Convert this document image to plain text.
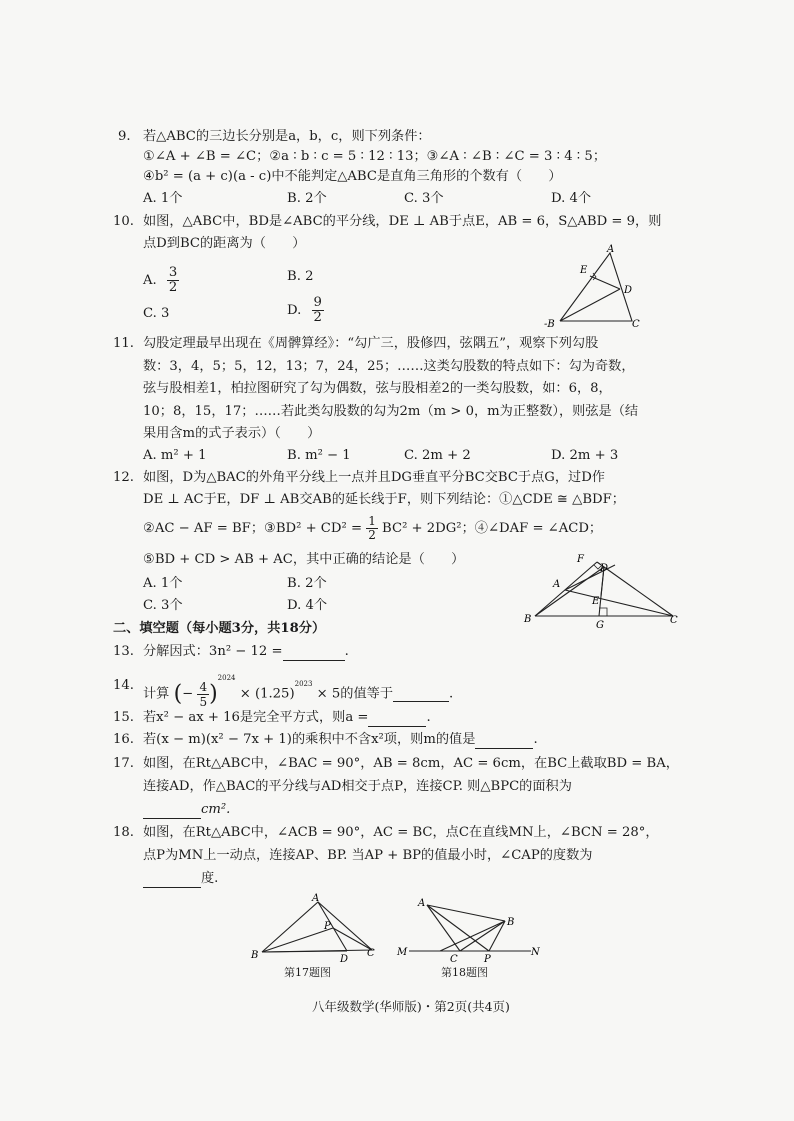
9. 若△ABC的三边长分别是a，b，c，则下列条件：
①∠A + ∠B = ∠C；②a ∶ b ∶ c = 5 ∶ 12 ∶ 13；③∠A ∶ ∠B ∶ ∠C = 3 ∶ 4 ∶ 5；
④b² = (a + c)(a - c)中不能判定△ABC是直角三角形的个数有（　　）
A. 1个	B. 2个	C. 3个	D. 4个
10. 如图，△ABC中，BD是∠ABC的平分线，DE ⊥ AB于点E，AB = 6，S△ABD = 9，则
点D到BC的距离为（　　）
A. $\frac{3}{2}$	B. 2
C. 3	D. $\frac{9}{2}$
A
E
D
-B	C
11. 勾股定理最早出现在《周髀算经》：“勾广三，股修四，弦隅五”，观察下列勾股
数：3，4，5；5，12，13；7，24，25；……这类勾股数的特点如下：勾为奇数，
弦与股相差1，柏拉图研究了勾为偶数，弦与股相差2的一类勾股数，如：6，8，
10；8，15，17；……若此类勾股数的勾为2m（m > 0，m为正整数），则弦是（结
果用含m的式子表示）（　　）
A. m² + 1	B. m² − 1	C. 2m + 2	D. 2m + 3
12. 如图，D为△BAC的外角平分线上一点并且DG垂直平分BC交BC于点G，过D作
DE ⊥ AC于E，DF ⊥ AB交AB的延长线于F，则下列结论：①△CDE ≅ △BDF；
②AC − AF = BF；③BD² + $CD^2 = \frac{1}{2} BC^2 + 2DG^2$；④∠DAF = ∠ACD；
⑤BD + CD > AB + AC，其中正确的结论是（　　）
A. 1个	B. 2个
C. 3个	D. 4个
F
D
A
E
B
G	C
二、填空题（每小题3分，共18分）
13. 分解因式：3n² − 12 =	.
14.
计算 (− $\frac{4}{5} )^{2024} \times (1.25)^{2023} \times 5$的值等于	.
15. 若x² − ax + 16是完全平方式，则a =	.
16. 若(x − m)(x² − 7x + 1)的乘积中不含x²项，则m的值是	.
17. 如图，在Rt△ABC中，∠BAC = 90°，AB = 8cm，AC = 6cm，在BC上截取BD = BA，
连接AD，作△BAC的平分线与AD相交于点P，连接CP. 则△BPC的面积为
cm².
18. 如图，在Rt△ABC中，∠ACB = 90°，AC = BC，点C在直线MN上，∠BCN = 28°，
点P为MN上一动点，连接AP、BP. 当AP + BP的值最小时，∠CAP的度数为
度.
A
B
P
D
C
第17题图
A
B
M
C	P
N
第18题图
八年级数学(华师版)・第2页(共4页)
